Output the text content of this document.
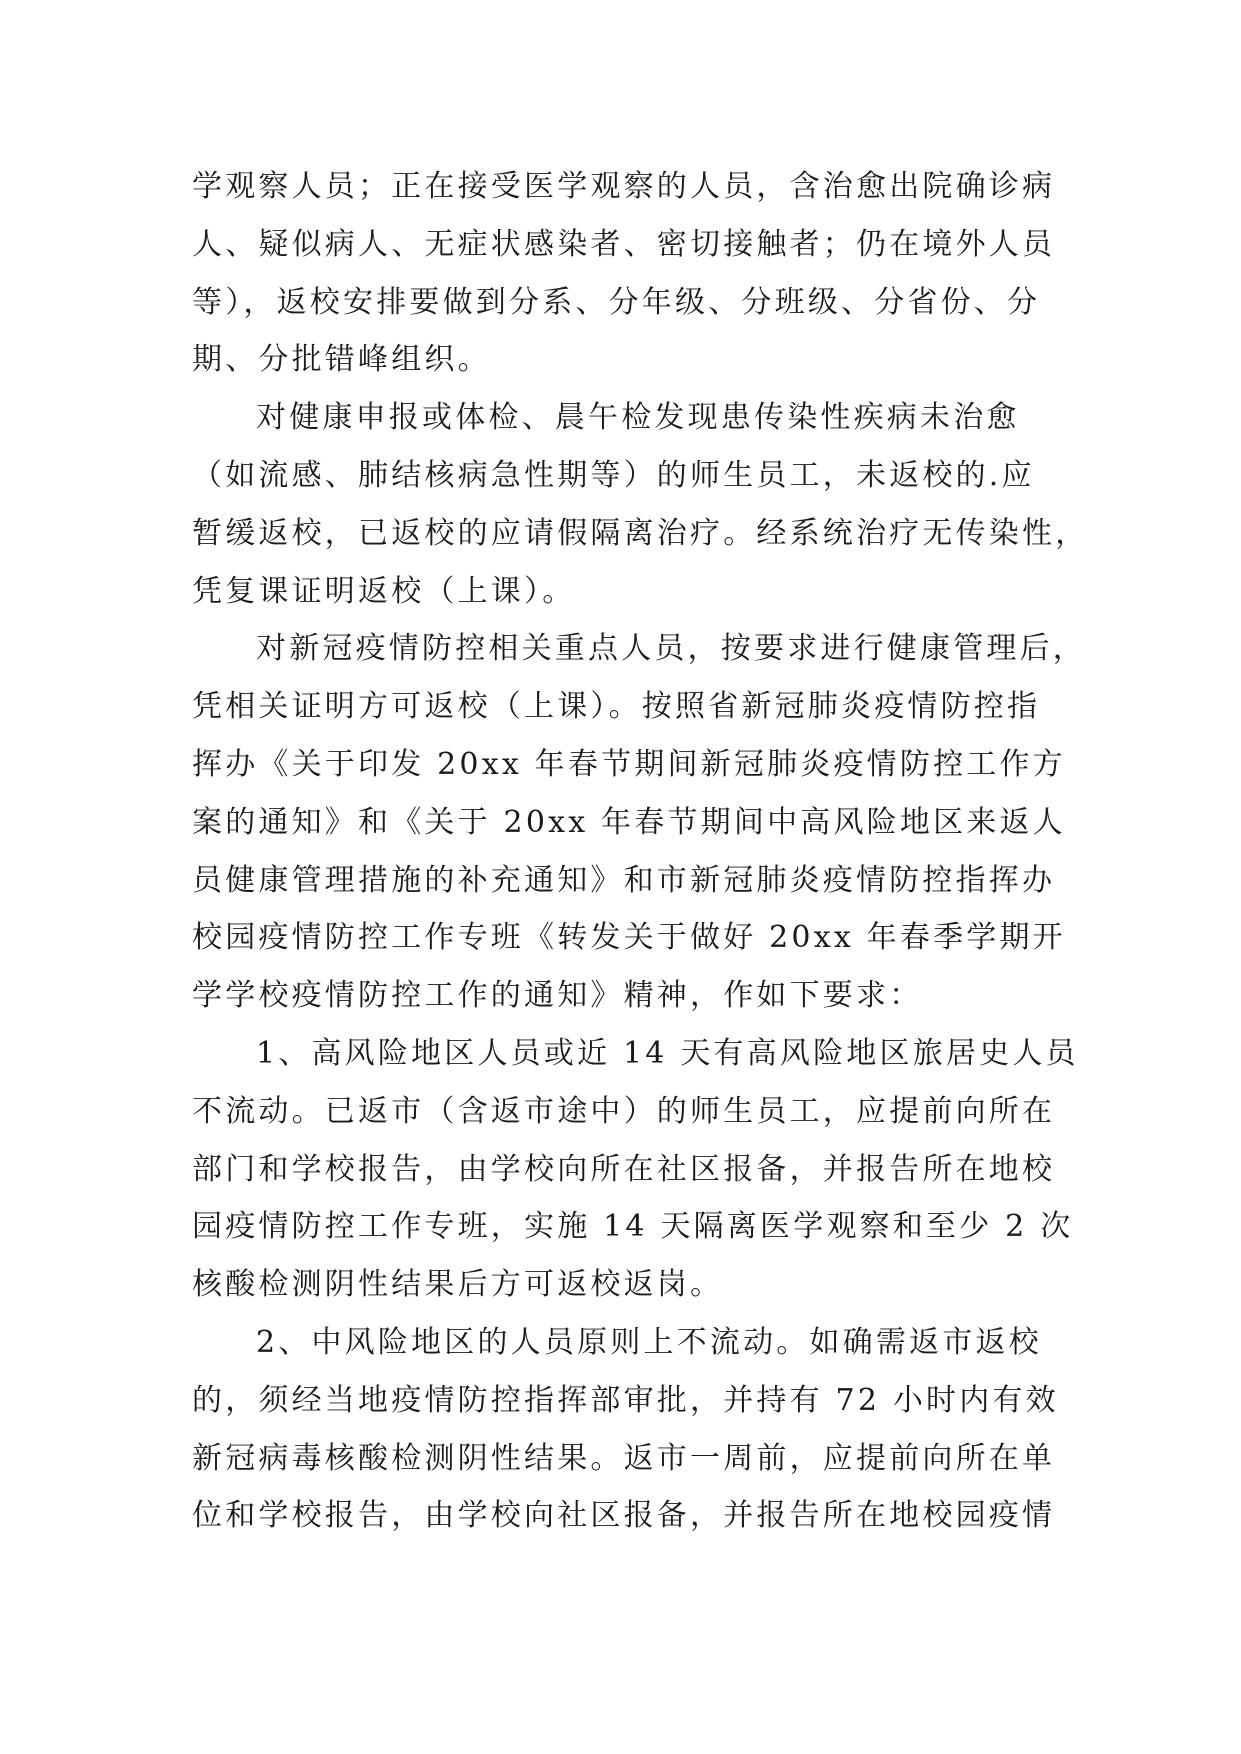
学观察人员；正在接受医学观察的人员，含治愈出院确诊病
人、疑似病人、无症状感染者、密切接触者；仍在境外人员
等），返校安排要做到分系、分年级、分班级、分省份、分
期、分批错峰组织。
对健康申报或体检、晨午检发现患传染性疾病未治愈
（如流感、肺结核病急性期等）的师生员工，未返校的.应
暂缓返校，已返校的应请假隔离治疗。经系统治疗无传染性，
凭复课证明返校（上课）。
对新冠疫情防控相关重点人员，按要求进行健康管理后，
凭相关证明方可返校（上课）。按照省新冠肺炎疫情防控指
挥办《关于印发 20xx 年春节期间新冠肺炎疫情防控工作方
案的通知》和《关于 20xx 年春节期间中高风险地区来返人
员健康管理措施的补充通知》和市新冠肺炎疫情防控指挥办
校园疫情防控工作专班《转发关于做好 20xx 年春季学期开
学学校疫情防控工作的通知》精神，作如下要求：
1、高风险地区人员或近 14 天有高风险地区旅居史人员
不流动。已返市（含返市途中）的师生员工，应提前向所在
部门和学校报告，由学校向所在社区报备，并报告所在地校
园疫情防控工作专班，实施 14 天隔离医学观察和至少 2 次
核酸检测阴性结果后方可返校返岗。
2、中风险地区的人员原则上不流动。如确需返市返校
的，须经当地疫情防控指挥部审批，并持有 72 小时内有效
新冠病毒核酸检测阴性结果。返市一周前，应提前向所在单
位和学校报告，由学校向社区报备，并报告所在地校园疫情
